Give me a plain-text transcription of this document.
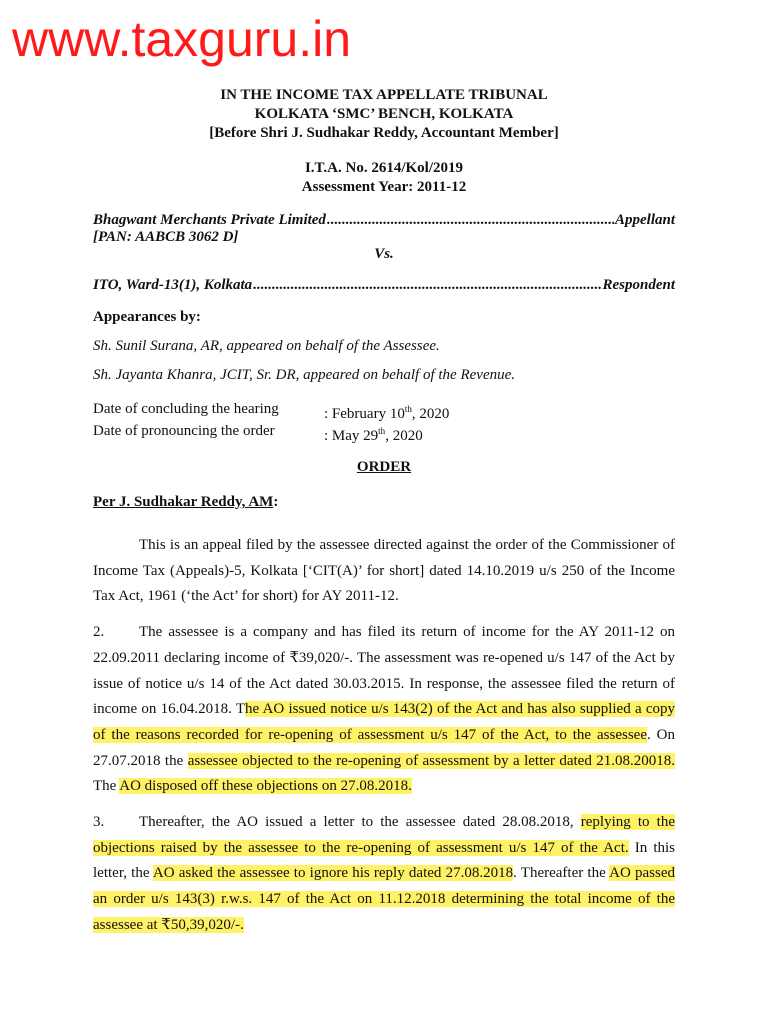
www.taxguru.in
IN THE INCOME TAX APPELLATE TRIBUNAL
KOLKATA ‘SMC’ BENCH, KOLKATA
[Before Shri J. Sudhakar Reddy, Accountant Member]
I.T.A. No. 2614/Kol/2019
Assessment Year: 2011-12
Bhagwant Merchants Private Limited .....	Appellant
[PAN: AABCB 3062 D]
Vs.
ITO, Ward-13(1), Kolkata .....	Respondent
Appearances by:
Sh. Sunil Surana, AR, appeared on behalf of the Assessee.
Sh. Jayanta Khanra, JCIT, Sr. DR, appeared on behalf of the Revenue.
Date of concluding the hearing	: February 10th, 2020
Date of pronouncing the order	: May 29th, 2020
ORDER
Per J. Sudhakar Reddy, AM:

This is an appeal filed by the assessee directed against the order of the Commissioner of Income Tax (Appeals)-5, Kolkata [‘CIT(A)’ for short] dated 14.10.2019 u/s 250 of the Income Tax Act, 1961 (‘the Act’ for short) for AY 2011-12.

2. The assessee is a company and has filed its return of income for the AY 2011-12 on 22.09.2011 declaring income of ₹39,020/-. The assessment was re-opened u/s 147 of the Act by issue of notice u/s 14 of the Act dated 30.03.2015. In response, the assessee filed the return of income on 16.04.2018. The AO issued notice u/s 143(2) of the Act and has also supplied a copy of the reasons recorded for re-opening of assessment u/s 147 of the Act, to the assessee. On 27.07.2018 the assessee objected to the re-opening of assessment by a letter dated 21.08.20018. The AO disposed off these objections on 27.08.2018.

3. Thereafter, the AO issued a letter to the assessee dated 28.08.2018, replying to the objections raised by the assessee to the re-opening of assessment u/s 147 of the Act. In this letter, the AO asked the assessee to ignore his reply dated 27.08.2018. Thereafter the AO passed an order u/s 143(3) r.w.s. 147 of the Act on 11.12.2018 determining the total income of the assessee at ₹50,39,020/-.
